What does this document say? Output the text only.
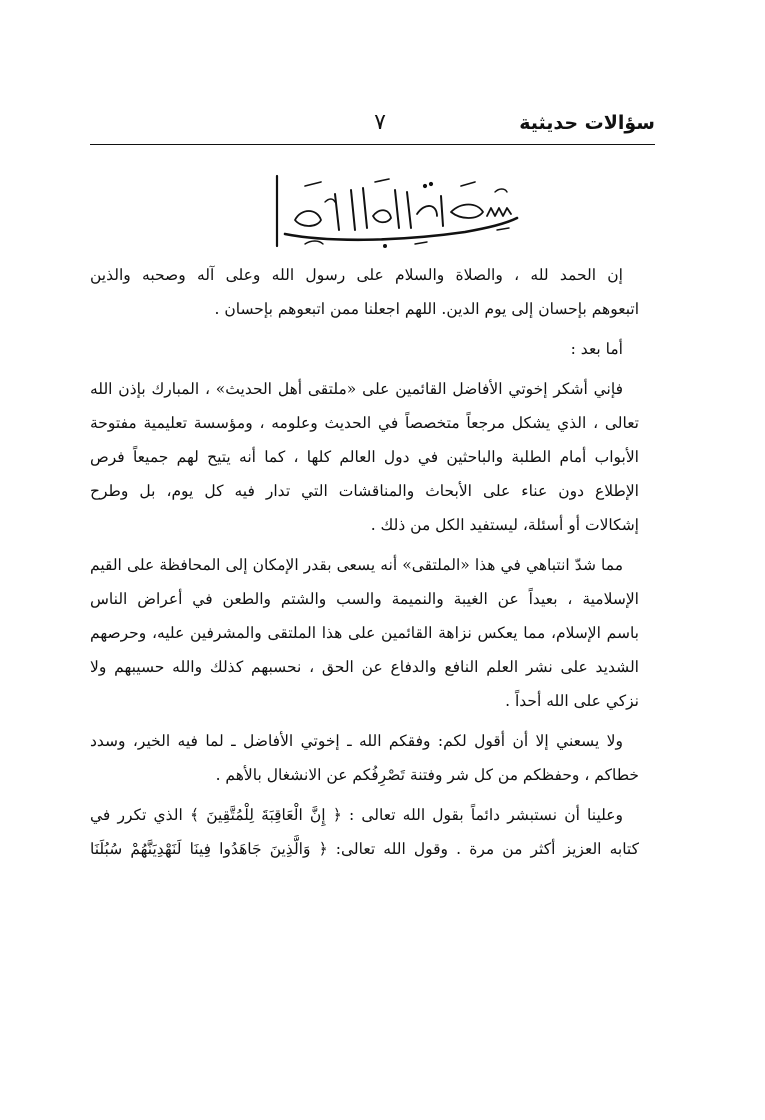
سؤالات حديثية
٧
إن الحمد لله ، والصلاة والسلام على رسول الله وعلى آله وصحبه والذين
اتبعوهم بإحسان إلى يوم الدين. اللهم اجعلنا ممن اتبعوهم بإحسان .
أما بعد :
فإني أشكر إخوتي الأفاضل القائمين على «ملتقى أهل الحديث» ، المبارك بإذن الله
تعالى ، الذي يشكل مرجعاً متخصصاً في الحديث وعلومه ، ومؤسسة تعليمية مفتوحة
الأبواب أمام الطلبة والباحثين في دول العالم كلها ، كما أنه يتيح لهم جميعاً فرص
الإطلاع دون عناء على الأبحاث والمناقشات التي تدار فيه كل يوم، بل وطرح
إشكالات أو أسئلة، ليستفيد الكل من ذلك .
مما شدّ انتباهي في هذا «الملتقى» أنه يسعى بقدر الإمكان إلى المحافظة على القيم
الإسلامية ، بعيداً عن الغيبة والنميمة والسب والشتم والطعن في أعراض الناس
باسم الإسلام، مما يعكس نزاهة القائمين على هذا الملتقى والمشرفين عليه، وحرصهم
الشديد على نشر العلم النافع والدفاع عن الحق ، نحسبهم كذلك والله حسيبهم ولا
نزكي على الله أحداً .
ولا يسعني إلا أن أقول لكم: وفقكم الله ـ إخوتي الأفاضل ـ لما فيه الخير، وسدد
خطاكم ، وحفظكم من كل شر وفتنة تَصْرِفُكم عن الانشغال بالأهم .
وعلينا أن نستبشر دائماً بقول الله تعالى : ﴿ إِنَّ الْعَاقِبَةَ لِلْمُتَّقِينَ ﴾ الذي تكرر في
كتابه العزيز أكثر من مرة . وقول الله تعالى: ﴿ وَالَّذِينَ جَاهَدُوا فِينَا لَنَهْدِيَنَّهُمْ سُبُلَنَا
